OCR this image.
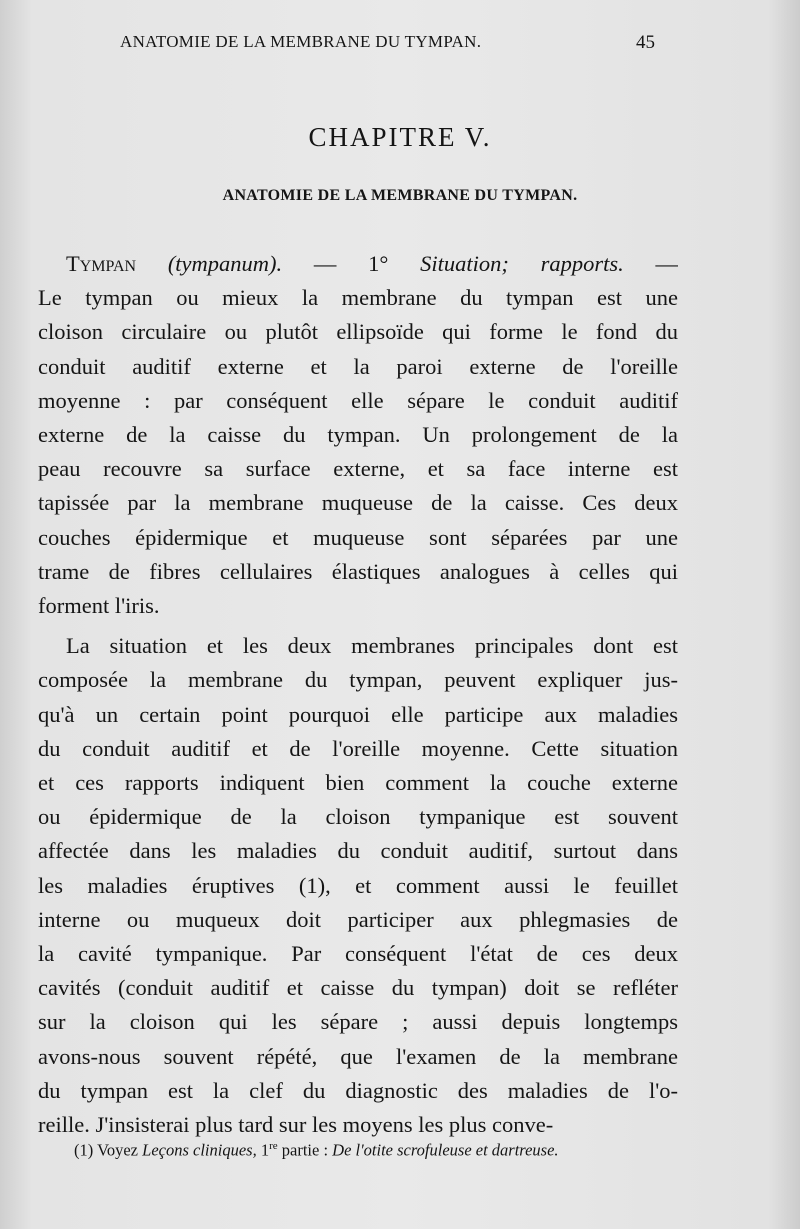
ANATOMIE DE LA MEMBRANE DU TYMPAN.	45
CHAPITRE V.
ANATOMIE DE LA MEMBRANE DU TYMPAN.
Tympan (tympanum). — 1° Situation; rapports. —
Le tympan ou mieux la membrane du tympan est une
cloison circulaire ou plutôt ellipsoïde qui forme le fond du
conduit auditif externe et la paroi externe de l'oreille
moyenne : par conséquent elle sépare le conduit auditif
externe de la caisse du tympan. Un prolongement de la
peau recouvre sa surface externe, et sa face interne est
tapissée par la membrane muqueuse de la caisse. Ces deux
couches épidermique et muqueuse sont séparées par une
trame de fibres cellulaires élastiques analogues à celles qui
forment l'iris.
La situation et les deux membranes principales dont est
composée la membrane du tympan, peuvent expliquer jus-
qu'à un certain point pourquoi elle participe aux maladies
du conduit auditif et de l'oreille moyenne. Cette situation
et ces rapports indiquent bien comment la couche externe
ou épidermique de la cloison tympanique est souvent
affectée dans les maladies du conduit auditif, surtout dans
les maladies éruptives (1), et comment aussi le feuillet
interne ou muqueux doit participer aux phlegmasies de
la cavité tympanique. Par conséquent l'état de ces deux
cavités (conduit auditif et caisse du tympan) doit se refléter
sur la cloison qui les sépare ; aussi depuis longtemps
avons-nous souvent répété, que l'examen de la membrane
du tympan est la clef du diagnostic des maladies de l'o-
reille. J'insisterai plus tard sur les moyens les plus conve-
(1) Voyez Leçons cliniques, 1re partie : De l'otite scrofuleuse et dartreuse.
